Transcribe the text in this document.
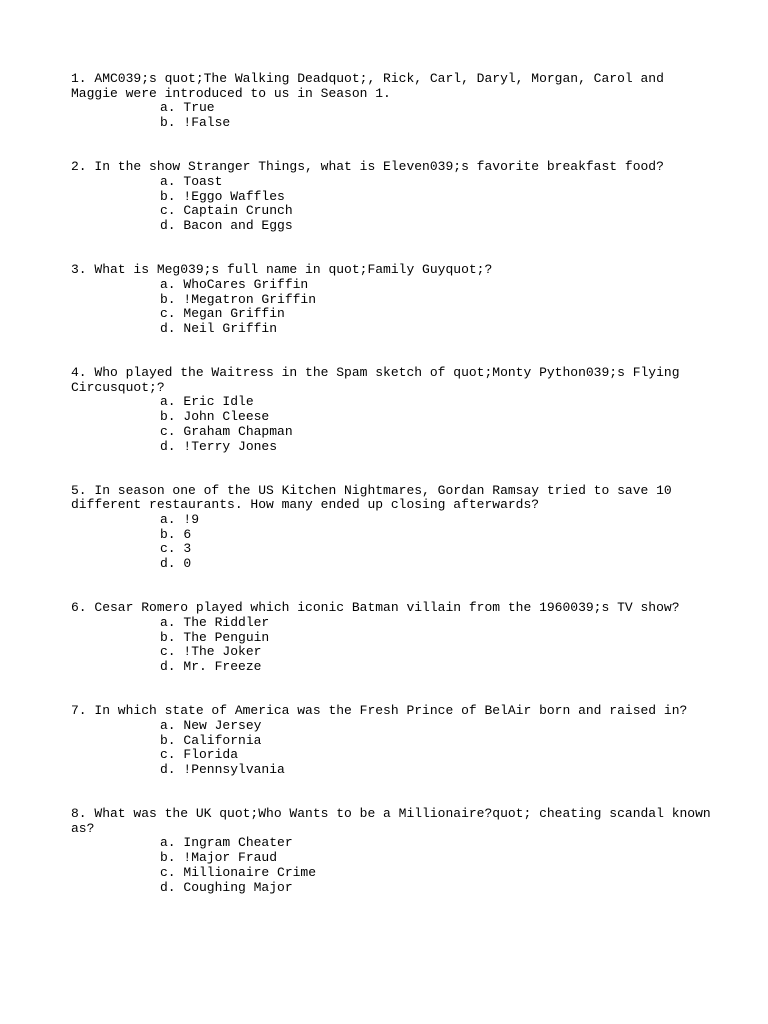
1. AMC039;s quot;The Walking Deadquot;, Rick, Carl, Daryl, Morgan, Carol and Maggie were introduced to us in Season 1.

a. True
b. !False

2. In the show Stranger Things, what is Eleven039;s favorite breakfast food?

a. Toast
b. !Eggo Waffles
c. Captain Crunch
d. Bacon and Eggs

3. What is Meg039;s full name in quot;Family Guyquot;?

a. WhoCares Griffin
b. !Megatron Griffin
c. Megan Griffin
d. Neil Griffin

4. Who played the Waitress in the Spam sketch of quot;Monty Python039;s Flying Circusquot;?

a. Eric Idle
b. John Cleese
c. Graham Chapman
d. !Terry Jones

5. In season one of the US Kitchen Nightmares, Gordan Ramsay tried to save 10 different restaurants. How many ended up closing afterwards?

a. !9
b. 6
c. 3
d. 0

6. Cesar Romero played which iconic Batman villain from the 1960039;s TV show?

a. The Riddler
b. The Penguin
c. !The Joker
d. Mr. Freeze

7. In which state of America was the Fresh Prince of BelAir born and raised in?

a. New Jersey
b. California
c. Florida
d. !Pennsylvania

8. What was the UK quot;Who Wants to be a Millionaire?quot; cheating scandal known as?

a. Ingram Cheater
b. !Major Fraud
c. Millionaire Crime
d. Coughing Major
